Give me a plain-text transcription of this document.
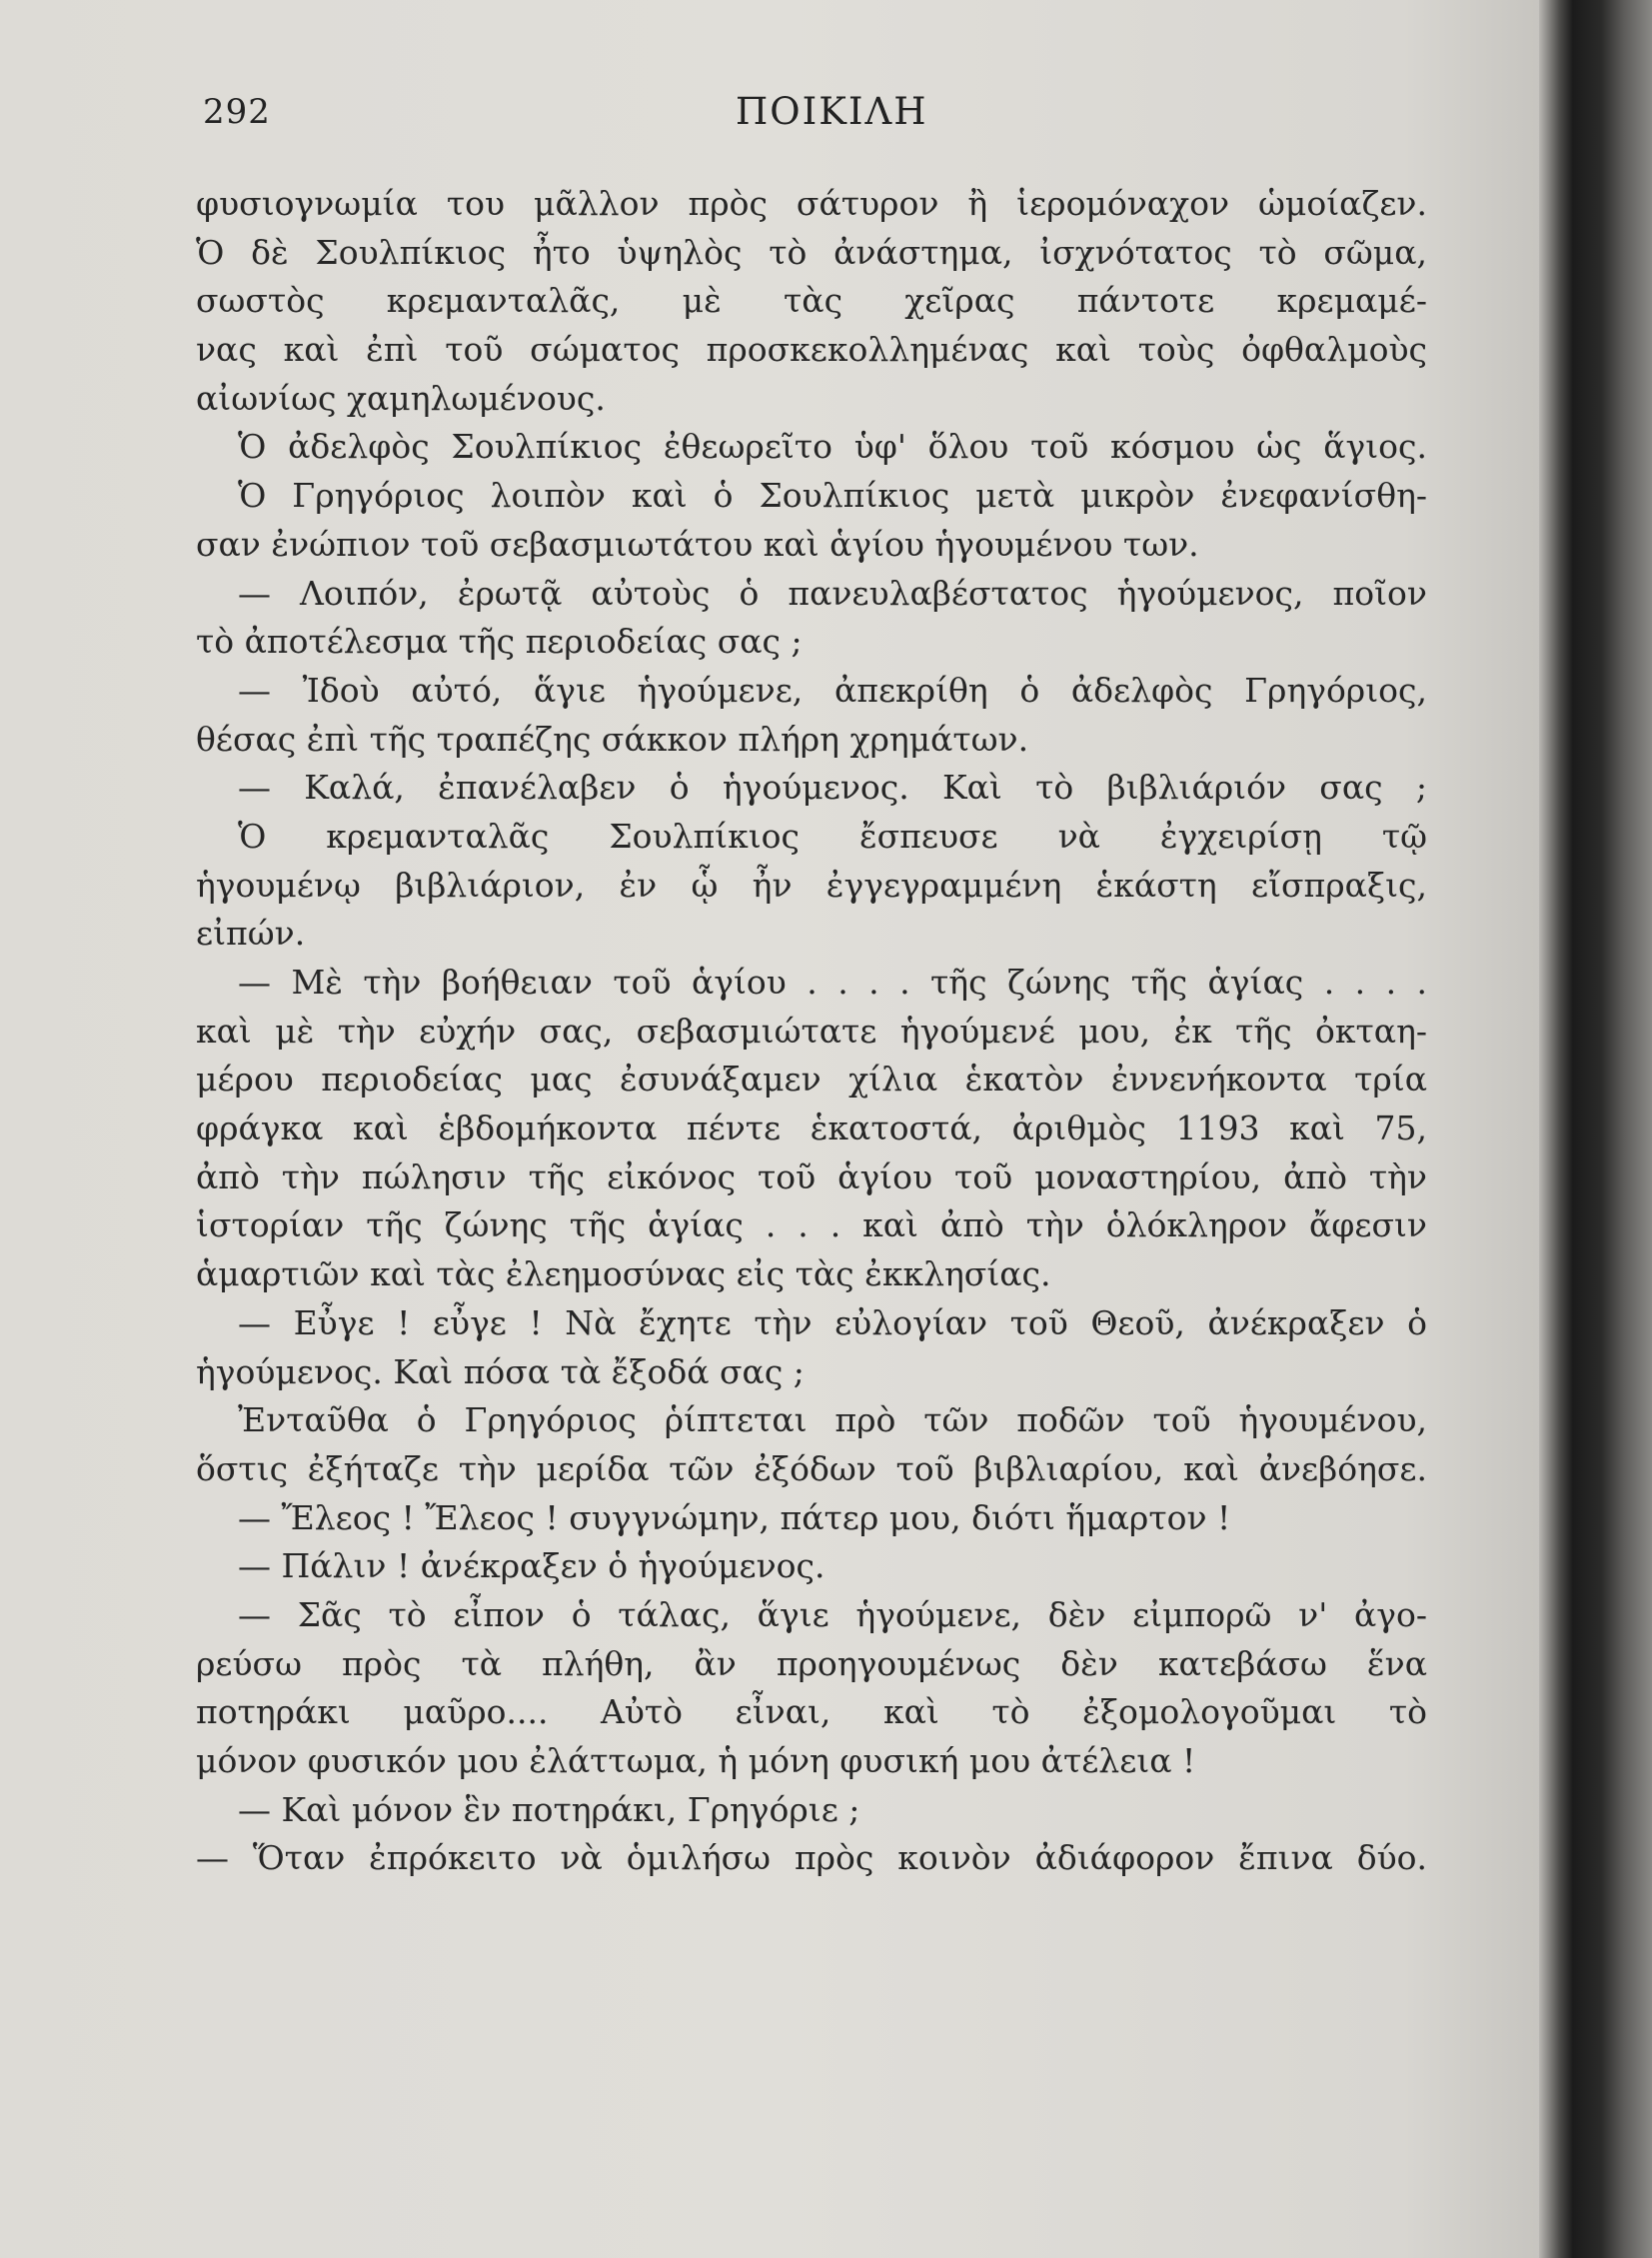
292	ΠΟΙΚΙΛΗ

φυσιογνωμία του μᾶλλον πρὸς σάτυρον ἢ ἱερομόναχον ὡμοίαζεν.

Ὁ δὲ Σουλπίκιος ἦτο ὑψηλὸς τὸ ἀνάστημα, ἰσχνότατος τὸ σῶμα,

σωστὸς κρεμανταλᾶς, μὲ τὰς χεῖρας πάντοτε κρεμαμέ-

νας καὶ ἐπὶ τοῦ σώματος προσκεκολλημένας καὶ τοὺς ὀφθαλμοὺς

αἰωνίως χαμηλωμένους.

Ὁ ἀδελφὸς Σουλπίκιος ἐθεωρεῖτο ὑφ' ὅλου τοῦ κόσμου ὡς ἅγιος.

Ὁ Γρηγόριος λοιπὸν καὶ ὁ Σουλπίκιος μετὰ μικρὸν ἐνεφανίσθη-

σαν ἐνώπιον τοῦ σεβασμιωτάτου καὶ ἁγίου ἡγουμένου των.

— Λοιπόν, ἐρωτᾷ αὐτοὺς ὁ πανευλαβέστατος ἡγούμενος, ποῖον

τὸ ἀποτέλεσμα τῆς περιοδείας σας ;

— Ἰδοὺ αὐτό, ἅγιε ἡγούμενε, ἀπεκρίθη ὁ ἀδελφὸς Γρηγόριος,

θέσας ἐπὶ τῆς τραπέζης σάκκον πλήρη χρημάτων.

— Καλά, ἐπανέλαβεν ὁ ἡγούμενος. Καὶ τὸ βιβλιάριόν σας ;

Ὁ κρεμανταλᾶς Σουλπίκιος ἔσπευσε νὰ ἐγχειρίσῃ τῷ

ἡγουμένῳ βιβλιάριον, ἐν ᾧ ἦν ἐγγεγραμμένη ἑκάστη εἴσπραξις,

εἰπών.

— Μὲ τὴν βοήθειαν τοῦ ἁγίου . . . . τῆς ζώνης τῆς ἁγίας . . . .

καὶ μὲ τὴν εὐχήν σας, σεβασμιώτατε ἡγούμενέ μου, ἐκ τῆς ὀκταη-

μέρου περιοδείας μας ἐσυνάξαμεν χίλια ἑκατὸν ἐννενήκοντα τρία

φράγκα καὶ ἑβδομήκοντα πέντε ἑκατοστά, ἀριθμὸς 1193 καὶ 75,

ἀπὸ τὴν πώλησιν τῆς εἰκόνος τοῦ ἁγίου τοῦ μοναστηρίου, ἀπὸ τὴν

ἱστορίαν τῆς ζώνης τῆς ἁγίας . . . καὶ ἀπὸ τὴν ὁλόκληρον ἄφεσιν

ἁμαρτιῶν καὶ τὰς ἐλεημοσύνας εἰς τὰς ἐκκλησίας.

— Εὖγε ! εὖγε ! Νὰ ἔχητε τὴν εὐλογίαν τοῦ Θεοῦ, ἀνέκραξεν ὁ

ἡγούμενος. Καὶ πόσα τὰ ἔξοδά σας ;

Ἐνταῦθα ὁ Γρηγόριος ῥίπτεται πρὸ τῶν ποδῶν τοῦ ἡγουμένου,

ὅστις ἐξήταζε τὴν μερίδα τῶν ἐξόδων τοῦ βιβλιαρίου, καὶ ἀνεβόησε.

— Ἔλεος ! Ἔλεος ! συγγνώμην, πάτερ μου, διότι ἥμαρτον !

— Πάλιν ! ἀνέκραξεν ὁ ἡγούμενος.

— Σᾶς τὸ εἶπον ὁ τάλας, ἅγιε ἡγούμενε, δὲν εἰμπορῶ ν' ἀγο-

ρεύσω πρὸς τὰ πλήθη, ἂν προηγουμένως δὲν κατεβάσω ἕνα

ποτηράκι μαῦρο.... Αὐτὸ εἶναι, καὶ τὸ ἐξομολογοῦμαι τὸ

μόνον φυσικόν μου ἐλάττωμα, ἡ μόνη φυσική μου ἀτέλεια !

— Καὶ μόνον ἓν ποτηράκι, Γρηγόριε ;

— Ὅταν ἐπρόκειτο νὰ ὁμιλήσω πρὸς κοινὸν ἀδιάφορον ἔπινα δύο.
